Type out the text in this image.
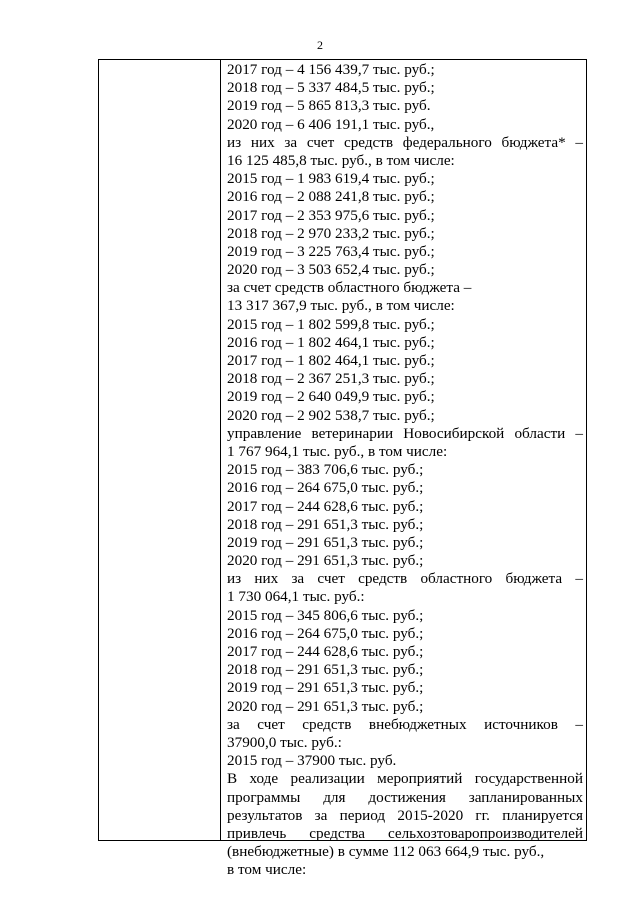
2
2017 год – 4 156 439,7 тыс. руб.;
2018 год – 5 337 484,5 тыс. руб.;
2019 год – 5 865 813,3 тыс. руб.
2020 год – 6 406 191,1 тыс. руб.,
из них за счет средств федерального бюджета* –
16 125 485,8 тыс. руб., в том числе:
2015 год – 1 983 619,4 тыс. руб.;
2016 год – 2 088 241,8 тыс. руб.;
2017 год – 2 353 975,6 тыс. руб.;
2018 год – 2 970 233,2 тыс. руб.;
2019 год – 3 225 763,4 тыс. руб.;
2020 год – 3 503 652,4 тыс. руб.;
за счет средств областного бюджета –
13 317 367,9 тыс. руб., в том числе:
2015 год – 1 802 599,8 тыс. руб.;
2016 год – 1 802 464,1 тыс. руб.;
2017 год – 1 802 464,1 тыс. руб.;
2018 год – 2 367 251,3 тыс. руб.;
2019 год – 2 640 049,9 тыс. руб.;
2020 год – 2 902 538,7 тыс. руб.;
управление ветеринарии Новосибирской области –
1 767 964,1 тыс. руб., в том числе:
2015 год – 383 706,6 тыс. руб.;
2016 год – 264 675,0 тыс. руб.;
2017 год – 244 628,6 тыс. руб.;
2018 год – 291 651,3 тыс. руб.;
2019 год – 291 651,3 тыс. руб.;
2020 год – 291 651,3 тыс. руб.;
из них за счет средств областного бюджета –
1 730 064,1 тыс. руб.:
2015 год – 345 806,6 тыс. руб.;
2016 год – 264 675,0 тыс. руб.;
2017 год – 244 628,6 тыс. руб.;
2018 год – 291 651,3 тыс. руб.;
2019 год – 291 651,3 тыс. руб.;
2020 год – 291 651,3 тыс. руб.;
за счет средств внебюджетных источников –
37900,0 тыс. руб.:
2015 год – 37900 тыс. руб.
В ходе реализации мероприятий государственной
программы для достижения запланированных
результатов за период 2015-2020 гг. планируется
привлечь средства сельхозтоваропроизводителей
(внебюджетные) в сумме 112 063 664,9 тыс. руб.,
в том числе:
